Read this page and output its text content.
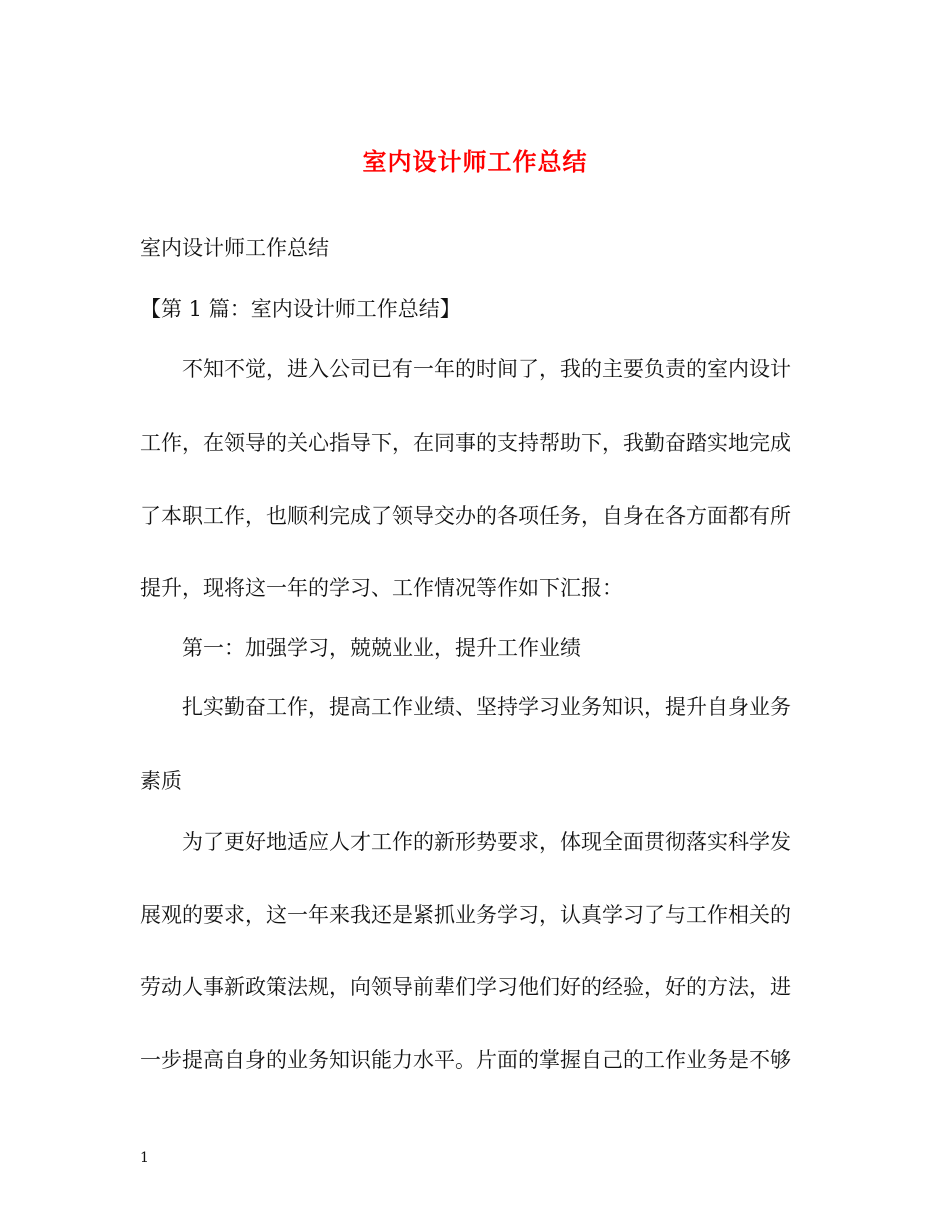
室内设计师工作总结
室内设计师工作总结
【第 1 篇：室内设计师工作总结】
不知不觉，进入公司已有一年的时间了，我的主要负责的室内设计
工作，在领导的关心指导下，在同事的支持帮助下，我勤奋踏实地完成
了本职工作，也顺利完成了领导交办的各项任务，自身在各方面都有所
提升，现将这一年的学习、工作情况等作如下汇报：
第一：加强学习，兢兢业业，提升工作业绩
扎实勤奋工作，提高工作业绩、坚持学习业务知识，提升自身业务
素质
为了更好地适应人才工作的新形势要求，体现全面贯彻落实科学发
展观的要求，这一年来我还是紧抓业务学习，认真学习了与工作相关的
劳动人事新政策法规，向领导前辈们学习他们好的经验，好的方法，进
一步提高自身的业务知识能力水平。片面的掌握自己的工作业务是不够
1
